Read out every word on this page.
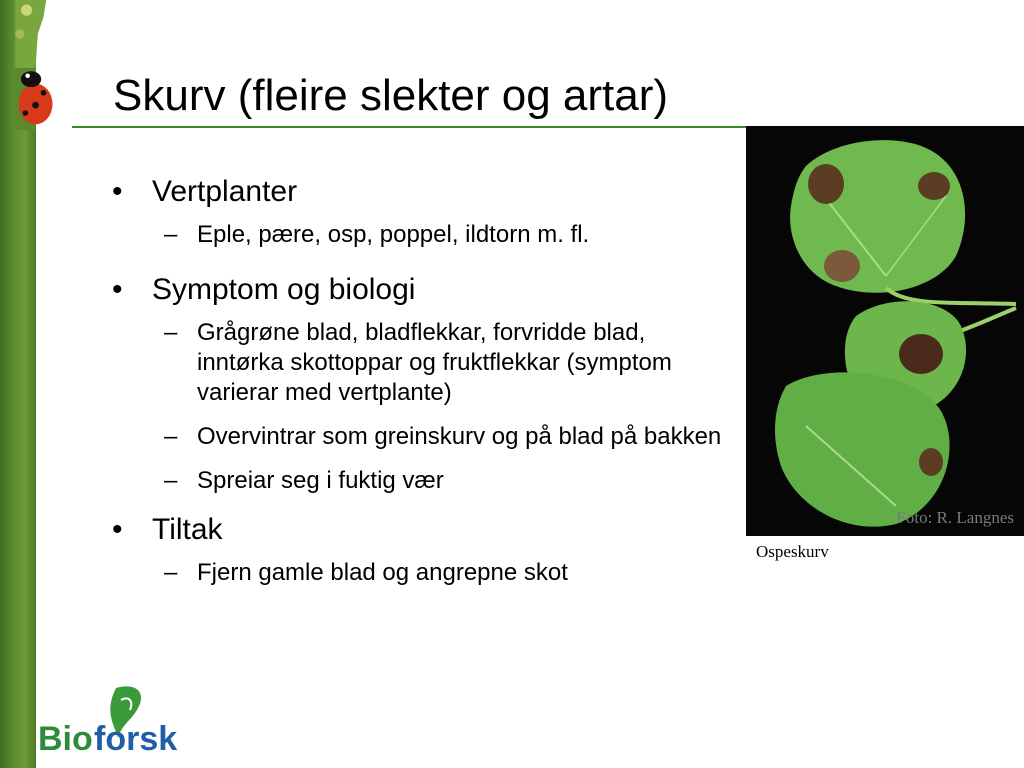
Skurv (fleire slekter og artar)
• Vertplanter
– Eple, pære, osp, poppel, ildtorn m. fl.
• Symptom og biologi
– Grågrøne blad, bladflekkar, forvridde blad, inntørka skottoppar og fruktflekkar (symptom varierar med vertplante)
– Overvintrar som greinskurv og på blad på bakken
– Spreiar seg i fuktig vær
• Tiltak
– Fjern gamle blad og angrepne skot
Foto: R. Langnes
Ospeskurv
Bio forsk
